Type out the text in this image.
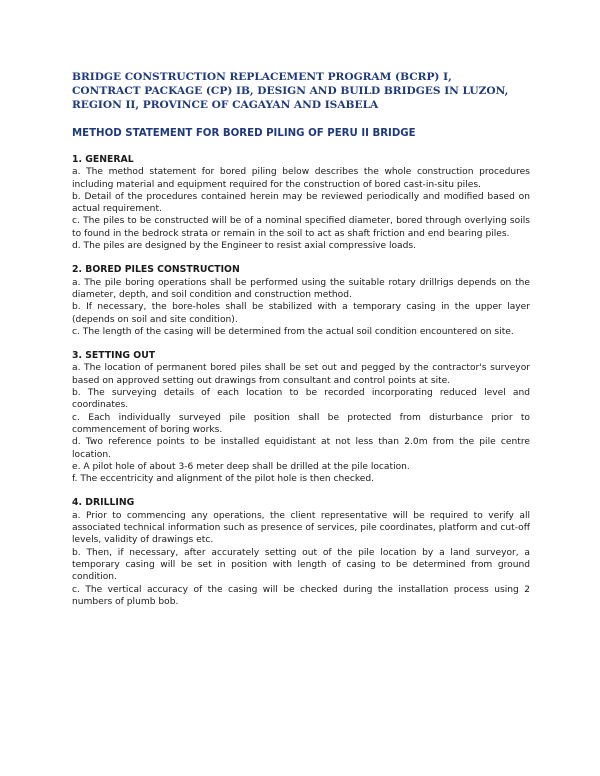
BRIDGE CONSTRUCTION REPLACEMENT PROGRAM (BCRP) I,
CONTRACT PACKAGE (CP) IB, DESIGN AND BUILD BRIDGES IN LUZON,
REGION II, PROVINCE OF CAGAYAN AND ISABELA
METHOD STATEMENT FOR BORED PILING OF PERU II BRIDGE

1. GENERAL

a. The method statement for bored piling below describes the whole construction procedures including material and equipment required for the construction of bored cast-in-situ piles.

b. Detail of the procedures contained herein may be reviewed periodically and modified based on actual requirement.

c. The piles to be constructed will be of a nominal specified diameter, bored through overlying soils to found in the bedrock strata or remain in the soil to act as shaft friction and end bearing piles.

d. The piles are designed by the Engineer to resist axial compressive loads.

2. BORED PILES CONSTRUCTION

a. The pile boring operations shall be performed using the suitable rotary drillrigs depends on the diameter, depth, and soil condition and construction method.

b. If necessary, the bore-holes shall be stabilized with a temporary casing in the upper layer (depends on soil and site condition).

c. The length of the casing will be determined from the actual soil condition encountered on site.

3. SETTING OUT

a. The location of permanent bored piles shall be set out and pegged by the contractor's surveyor based on approved setting out drawings from consultant and control points at site.

b. The surveying details of each location to be recorded incorporating reduced level and coordinates.

c. Each individually surveyed pile position shall be protected from disturbance prior to commencement of boring works.

d. Two reference points to be installed equidistant at not less than 2.0m from the pile centre location.

e. A pilot hole of about 3-6 meter deep shall be drilled at the pile location.

f. The eccentricity and alignment of the pilot hole is then checked.

4. DRILLING

a. Prior to commencing any operations, the client representative will be required to verify all associated technical information such as presence of services, pile coordinates, platform and cut-off levels, validity of drawings etc.

b. Then, if necessary, after accurately setting out of the pile location by a land surveyor, a temporary casing will be set in position with length of casing to be determined from ground condition.

c. The vertical accuracy of the casing will be checked during the installation process using 2 numbers of plumb bob.
